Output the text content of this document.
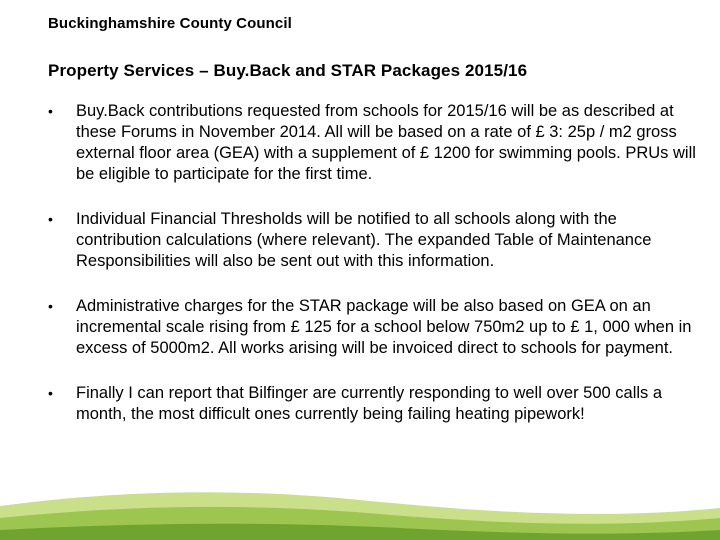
Buckinghamshire County Council
Property Services – Buy.Back and STAR Packages 2015/16
• Buy.Back contributions requested from schools for 2015/16 will be as described at these Forums in November 2014. All will be based on a rate of £ 3: 25p / m2 gross external floor area (GEA) with a supplement of £ 1200 for swimming pools. PRUs will be eligible to participate for the first time.
• Individual Financial Thresholds will be notified to all schools along with the contribution calculations (where relevant). The expanded Table of Maintenance Responsibilities will also be sent out with this information.
• Administrative charges for the STAR package will be also based on GEA on an incremental scale rising from £ 125 for a school below 750m2 up to £ 1, 000 when in excess of 5000m2. All works arising will be invoiced direct to schools for payment.
• Finally I can report that Bilfinger are currently responding to well over 500 calls a month, the most difficult ones currently being failing heating pipework!
